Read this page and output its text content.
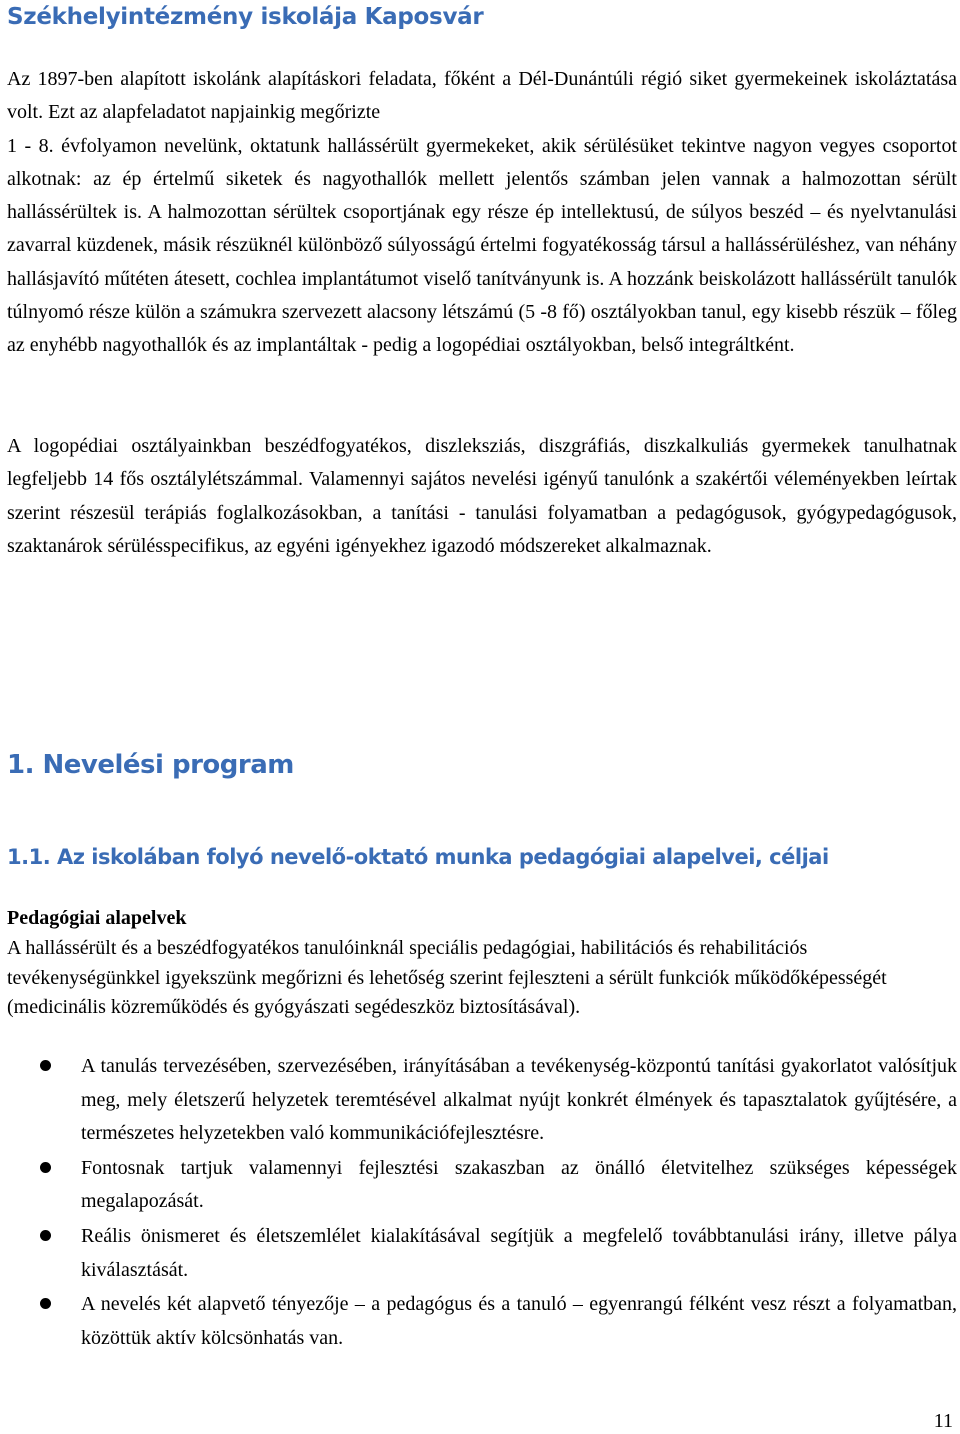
Székhelyintézmény iskolája Kaposvár

Az 1897-ben alapított iskolánk alapításkori feladata, főként a Dél-Dunántúli régió siket gyermekeinek iskoláztatása volt. Ezt az alapfeladatot napjainkig megőrizte
1 - 8. évfolyamon nevelünk, oktatunk hallássérült gyermekeket, akik sérülésüket tekintve nagyon vegyes csoportot alkotnak: az ép értelmű siketek és nagyothallók mellett jelentős számban jelen vannak a halmozottan sérült hallássérültek is. A halmozottan sérültek csoportjának egy része ép intellektusú, de súlyos beszéd – és nyelvtanulási zavarral küzdenek, másik részüknél különböző súlyosságú értelmi fogyatékosság társul a hallássérüléshez, van néhány hallásjavító műtéten átesett, cochlea implantátumot viselő tanítványunk is. A hozzánk beiskolázott hallássérült tanulók túlnyomó része külön a számukra szervezett alacsony létszámú (5 -8 fő) osztályokban tanul, egy kisebb részük – főleg az enyhébb nagyothallók és az implantáltak - pedig a logopédiai osztályokban, belső integráltként.

A logopédiai osztályainkban beszédfogyatékos, diszleksziás, diszgráfiás, diszkalkuliás gyermekek tanulhatnak legfeljebb 14 fős osztálylétszámmal. Valamennyi sajátos nevelési igényű tanulónk a szakértői véleményekben leírtak szerint részesül terápiás foglalkozásokban, a tanítási - tanulási folyamatban a pedagógusok, gyógypedagógusok, szaktanárok sérülésspecifikus, az egyéni igényekhez igazodó módszereket alkalmaznak.

1. Nevelési program
1.1. Az iskolában folyó nevelő-oktató munka pedagógiai alapelvei, céljai
Pedagógiai alapelvek

A hallássérült és a beszédfogyatékos tanulóinknál speciális pedagógiai, habilitációs és rehabilitációs tevékenységünkkel igyekszünk megőrizni és lehetőség szerint fejleszteni a sérült funkciók működőképességét (medicinális közreműködés és gyógyászati segédeszköz biztosításával).

A tanulás tervezésében, szervezésében, irányításában a tevékenység-központú tanítási gyakorlatot valósítjuk meg, mely életszerű helyzetek teremtésével alkalmat nyújt konkrét élmények és tapasztalatok gyűjtésére, a természetes helyzetekben való kommunikációfejlesztésre.
Fontosnak tartjuk valamennyi fejlesztési szakaszban az önálló életvitelhez szükséges képességek megalapozását.
Reális önismeret és életszemlélet kialakításával segítjük a megfelelő továbbtanulási irány, illetve pálya kiválasztását.
A nevelés két alapvető tényezője – a pedagógus és a tanuló – egyenrangú félként vesz részt a folyamatban, közöttük aktív kölcsönhatás van.

11
